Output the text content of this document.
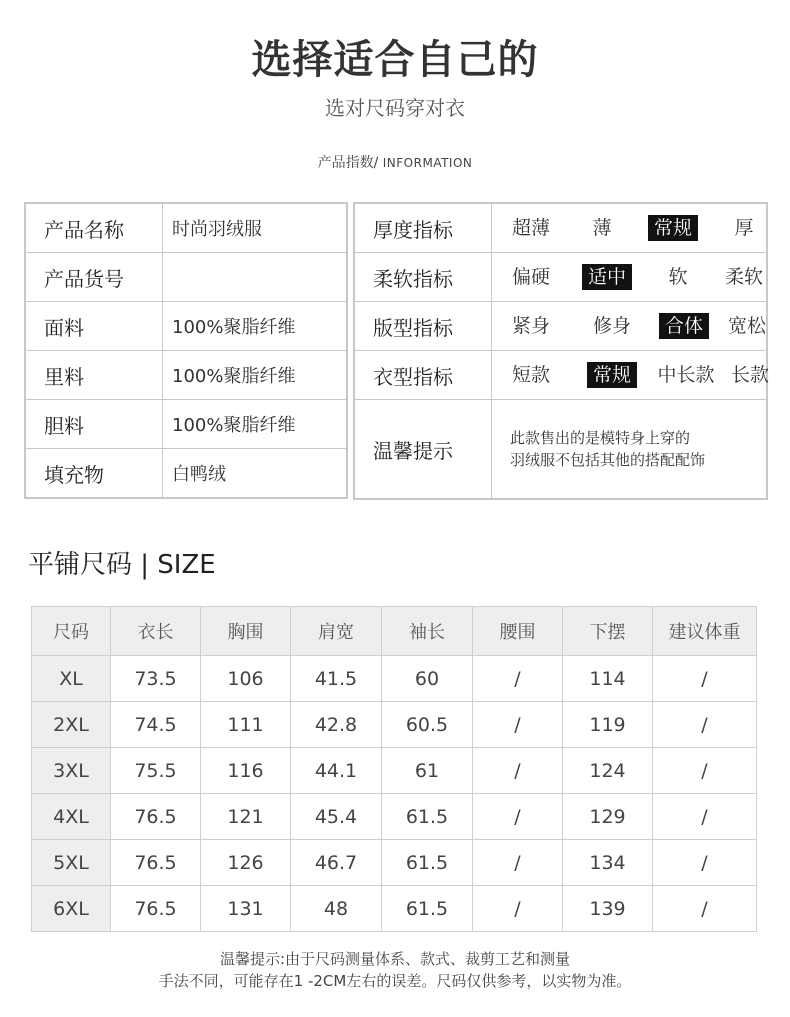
选择适合自己的
选对尺码穿对衣
产品指数/ INFORMATION
产品名称	时尚羽绒服
产品货号	
面料	100%聚脂纤维
里料	100%聚脂纤维
胆料	100%聚脂纤维
填充物	白鸭绒
厚度指标	超薄 薄 常规 厚

柔软指标	偏硬 适中 软 柔软

版型指标	紧身 修身 合体 宽松

衣型指标	短款 常规 中长款 长款

温馨提示	此款售出的是模特身上穿的
羽绒服不包括其他的搭配配饰
平铺尺码 | SIZE
尺码	衣长	胸围	肩宽	袖长	腰围	下摆	建议体重
XL	73.5	106	41.5	60	/	114	/
2XL	74.5	111	42.8	60.5	/	119	/
3XL	75.5	116	44.1	61	/	124	/
4XL	76.5	121	45.4	61.5	/	129	/
5XL	76.5	126	46.7	61.5	/	134	/
6XL	76.5	131	48	61.5	/	139	/
温馨提示:由于尺码测量体系、款式、裁剪工艺和测量
手法不同，可能存在1 -2CM左右的误差。尺码仅供参考，以实物为准。
